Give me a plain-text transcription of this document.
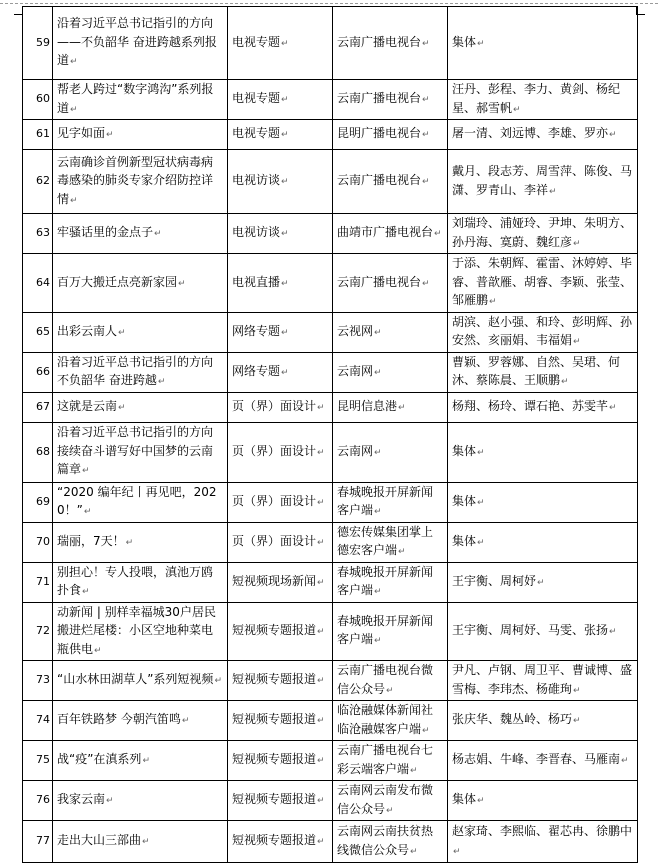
59	沿着习近平总书记指引的方向——不负韶华 奋进跨越系列报道↵	电视专题↵	云南广播电视台↵	集体↵
60	帮老人跨过“数字鸿沟”系列报道↵	电视专题↵	云南广播电视台↵	汪丹、彭程、李力、黄剑、杨纪星、郝雪帆↵
61	见字如面↵	电视专题↵	昆明广播电视台↵	屠一清、刘远博、李雄、罗亦↵
62	云南确诊首例新型冠状病毒病毒感染的肺炎专家介绍防控详情↵	电视访谈↵	云南广播电视台↵	戴月、段志芳、周雪萍、陈俊、马潇、罗青山、李祥↵
63	牢骚话里的金点子↵	电视访谈↵	曲靖市广播电视台↵	刘瑞玲、浦娅玲、尹坤、朱明方、孙丹海、寞蔚、魏红彦↵
64	百万大搬迁点亮新家园↵	电视直播↵	云南广播电视台↵	于添、朱朝辉、霍雷、沐婷婷、毕睿、普歆雁、胡睿、李颖、张莹、邹雁鹏↵
65	出彩云南人↵	网络专题↵	云视网↵	胡滨、赵小强、和玲、彭明辉、孙安然、亥丽娟、韦福娟↵
66	沿着习近平总书记指引的方向 不负韶华 奋进跨越↵	网络专题↵	云南网↵	曹颖、罗蓉娜、自然、吴珺、何沐、蔡陈晨、王顺鹏↵
67	这就是云南↵	页（界）面设计↵	昆明信息港↵	杨翔、杨玲、谭石艳、苏雯芊↵
68	沿着习近平总书记指引的方向接续奋斗谱写好中国梦的云南篇章↵	页（界）面设计↵	云南网↵	集体↵
69	“2020 编年纪丨再见吧，2020！”↵	页（界）面设计↵	春城晚报开屏新闻客户端↵	集体↵
70	瑞丽，7天！↵	页（界）面设计↵	德宏传媒集团掌上德宏客户端↵	集体↵
71	别担心！专人投喂，滇池万鸥扑食↵	短视频现场新闻↵	春城晚报开屏新闻客户端↵	王宇衡、周柯妤↵
72	动新闻 | 别样幸福城30户居民搬进烂尾楼：小区空地种菜电瓶供电↵	短视频专题报道↵	春城晚报开屏新闻客户端↵	王宇衡、周柯妤、马雯、张扬↵
73	“山水林田湖草人”系列短视频↵	短视频专题报道↵	云南广播电视台微信公众号↵	尹凡、卢钢、周卫平、曹诚博、盛雪梅、李玮杰、杨碓珣↵
74	百年铁路梦 今朝汽笛鸣↵	短视频专题报道↵	临沧融媒体新闻社临沧融媒客户端↵	张庆华、魏丛岭、杨巧↵
75	战“疫”在滇系列↵	短视频专题报道↵	云南广播电视台七彩云端客户端↵	杨志娟、牛峰、李晋春、马雁南↵
76	我家云南↵	短视频专题报道↵	云南网云南发布微信公众号↵	集体↵
77	走出大山三部曲↵	短视频专题报道↵	云南网云南扶贫热线微信公众号↵	赵家琦、李熙临、翟芯冉、徐鹏中↵
